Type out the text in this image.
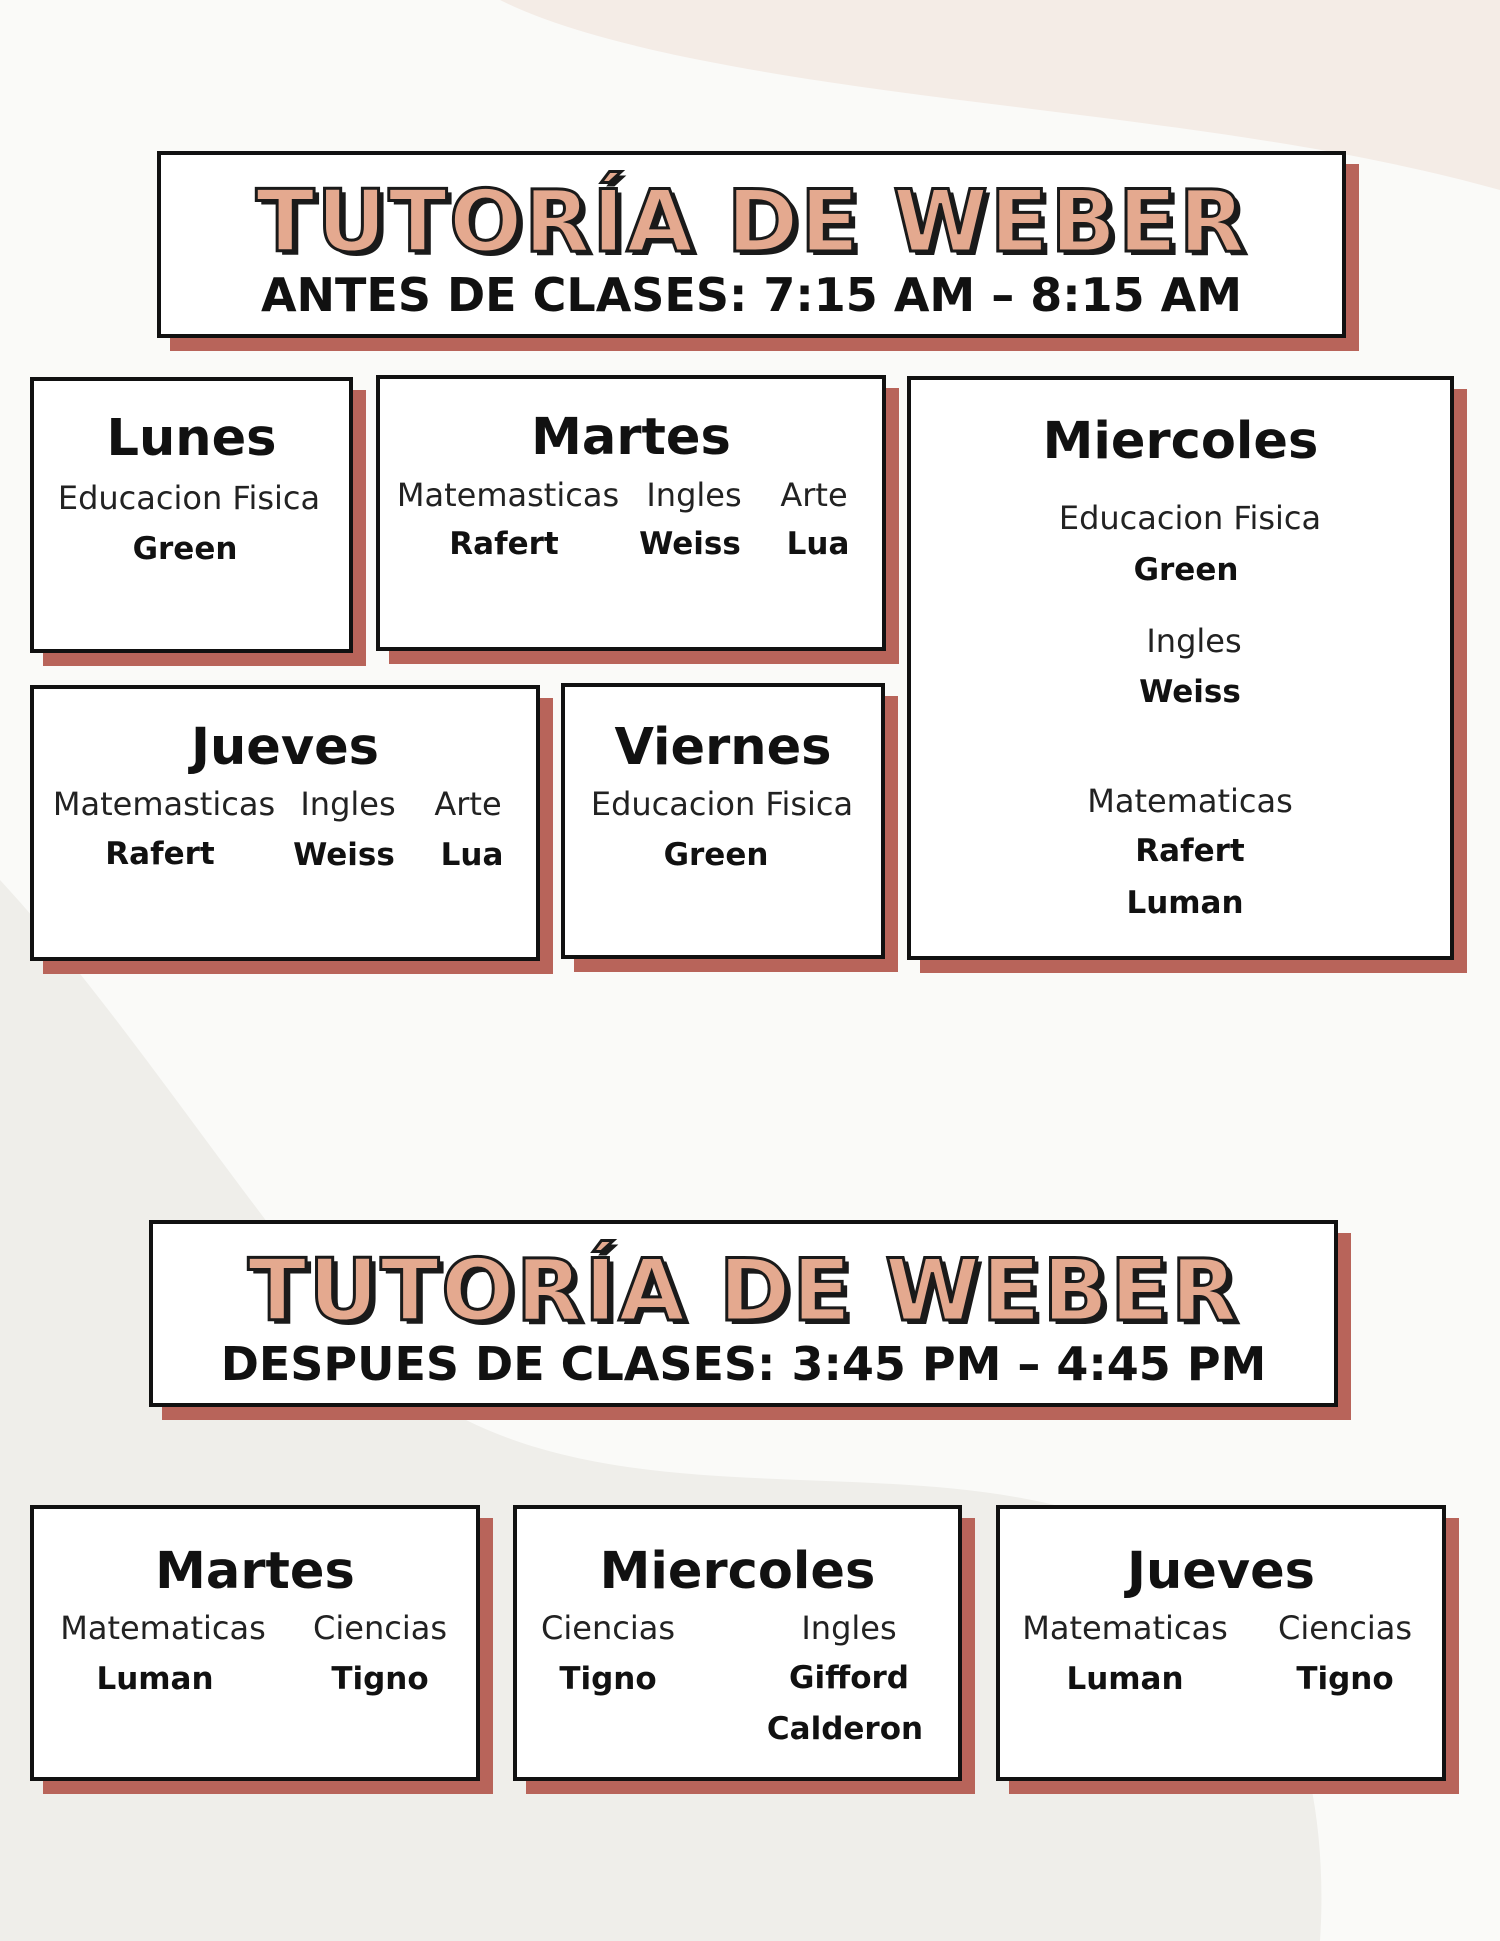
TUTORÍA DE WEBER
ANTES DE CLASES: 7:15 AM – 8:15 AM
Lunes
Educacion Fisica
Green
Martes
Matemasticas
Rafert
Ingles
Weiss
Arte
Lua
Miercoles
Educacion Fisica
Green
Ingles
Weiss
Matematicas
Rafert
Luman
Jueves
Matemasticas
Rafert
Ingles
Weiss
Arte
Lua
Viernes
Educacion Fisica
Green
TUTORÍA DE WEBER
DESPUES DE CLASES: 3:45 PM – 4:45 PM
Martes
Matematicas
Luman
Ciencias
Tigno
Miercoles
Ciencias
Tigno
Ingles
Gifford
Calderon
Jueves
Matematicas
Luman
Ciencias
Tigno
